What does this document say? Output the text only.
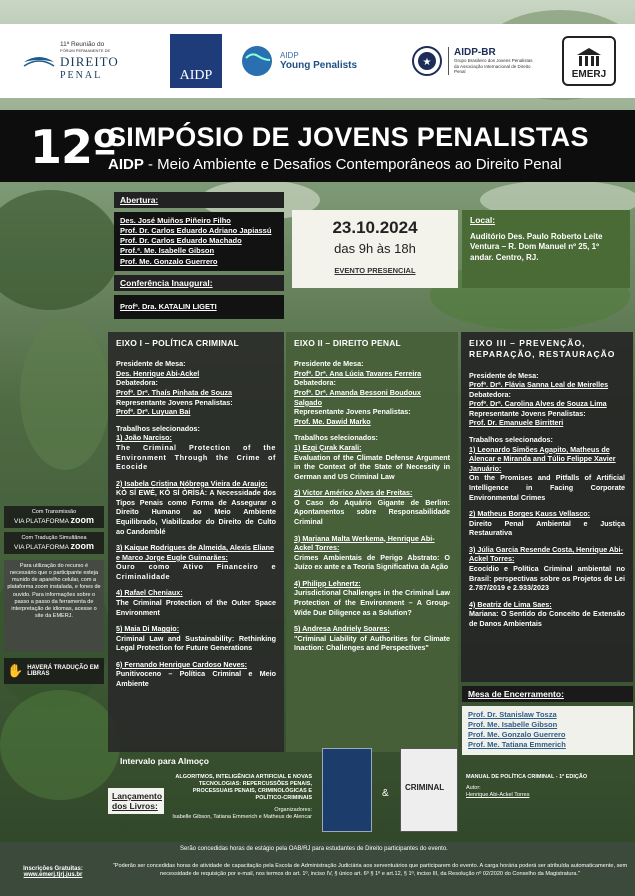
11ª Reunião do
FÓRUM PERMANENTE DE
DIREITO
PENAL	AIDP
AIDP
Young Penalists	★
AIDP-BR
Grupo Brasileiro dos Jovens Penalistas da Associação Internacional de Direito Penal	EMERJ
12º
SIMPÓSIO DE JOVENS PENALISTAS
AIDP - Meio Ambiente e Desafios Contemporâneos ao Direito Penal
Abertura:
Des. José Muiños Piñeiro Filho
Prof. Dr. Carlos Eduardo Adriano Japiassú
Prof. Dr. Carlos Eduardo Machado
Prof.ª. Me. Isabelle Gibson
Prof. Me. Gonzalo Guerrero
Conferência Inaugural:
Profª. Dra. KATALIN LIGETI
23.10.2024
das 9h às 18h
EVENTO PRESENCIAL
Local:
Auditório Des. Paulo Roberto Leite Ventura – R. Dom Manuel nº 25, 1º andar. Centro, RJ.
EIXO I – POLÍTICA CRIMINAL
Presidente de Mesa:
Des. Henrique Abi-Ackel
Debatedora:
Profª. Drª. Thaís Pinhata de Souza
Representante Jovens Penalistas:
Profª. Drª. Luyuan Bai
Trabalhos selecionados:
1) João Narciso:
The Criminal Protection of the Environment Through the Crime of Ecocide
2) Isabela Cristina Nóbrega Vieira de Araujo:
KÒ SÍ EWÉ, KÒ SÍ ÒRÌSÀ: A Necessidade dos Tipos Penais como Forma de Assegurar o Direito Humano ao Meio Ambiente Equilibrado, Viabilizador do Direito de Culto ao Candomblé
3) Kaique Rodrigues de Almeida, Alexis Eliane e Marco Jorge Eugle Guimarães:
Ouro como Ativo Financeiro e Criminalidade
4) Rafael Cheniaux:
The Criminal Protection of the Outer Space Environment
5) Maia Di Maggio:
Criminal Law and Sustainability: Rethinking Legal Protection for Future Generations
6) Fernando Henrique Cardoso Neves:
Punitivoceno – Política Criminal e Meio Ambiente
EIXO II – DIREITO PENAL
Presidente de Mesa:
Profª. Drª. Ana Lúcia Tavares Ferreira
Debatedora:
Profª. Drª. Amanda Bessoni Boudoux Salgado
Representante Jovens Penalistas:
Prof. Me. Dawid Marko
Trabalhos selecionados:
1) Ezgi Çırak Karali:
Evaluation of the Climate Defense Argument in the Context of the State of Necessity in German and US Criminal Law
2) Victor Américo Alves de Freitas:
O Caso do Aquário Gigante de Berlim: Apontamentos sobre Responsabilidade Criminal
3) Mariana Malta Werkema, Henrique Abi-Ackel Torres:
Crimes Ambientais de Perigo Abstrato: O Juízo ex ante e a Teoria Significativa da Ação
4) Philipp Lehnertz:
Jurisdictional Challenges in the Criminal Law Protection of the Environment – A Group-Wide Due Diligence as a Solution?
5) Andresa Andriely Soares:
"Criminal Liability of Authorities for Climate Inaction: Challenges and Perspectives"
EIXO III – PREVENÇÃO, REPARAÇÃO, RESTAURAÇÃO
Presidente de Mesa:
Profª. Drª. Flávia Sanna Leal de Meirelles
Debatedora:
Profª. Drª. Carolina Alves de Souza Lima
Representante Jovens Penalistas:
Prof. Dr. Emanuele Birritteri
Trabalhos selecionados:
1) Leonardo Simões Agapito, Matheus de Alencar e Miranda and Túlio Felippe Xavier Januário:
On the Promises and Pitfalls of Artificial Intelligence in Facing Corporate Environmental Crimes
2) Matheus Borges Kauss Vellasco:
Direito Penal Ambiental e Justiça Restaurativa
3) Júlia Garcia Resende Costa, Henrique Abi-Ackel Torres:
Ecocídio e Política Criminal ambiental no Brasil: perspectivas sobre os Projetos de Lei 2.787/2019 e 2.933/2023
4) Beatriz de Lima Saes:
Mariana: O Sentido do Conceito de Extensão de Danos Ambientais
Mesa de Encerramento:
Prof. Dr. Stanislaw Tosza
Prof. Me. Isabelle Gibson
Prof. Me. Gonzalo Guerrero
Prof. Me. Tatiana Emmerich
Intervalo para Almoço
Com Transmissão
VIA PLATAFORMA zoom
Com Tradução Simultânea
VIA PLATAFORMA zoom
Para utilização do recurso é necessário que o participante esteja munido de aparelho celular, com a plataforma zoom instalada, e fones de ouvido. Para informações sobre o passo a passo da ferramenta de interpretação de idiomas, acesse o site da EMERJ.
✋ HAVERÁ TRADUÇÃO EM LIBRAS
Lançamento dos Livros:
ALGORITMOS, INTELIGÊNCIA ARTIFICIAL E NOVAS TECNOLOGIAS: REPERCUSSÕES PENAIS, PROCESSUAIS PENAIS, CRIMINOLÓGICAS E POLÍTICO-CRIMINAIS
Organizadores:
Isabelle Gibson, Tatiana Emmerich e Matheus de Alencar
&
CRIMINAL
MANUAL DE POLÍTICA CRIMINAL - 1ª EDIÇÃO
Autor:
Henrique Abi-Ackel Torres
Serão concedidas horas de estágio pela OAB/RJ para estudantes de Direito participantes do evento.
Inscrições Gratuitas:
www.emerj.tjrj.jus.br
"Poderão ser concedidas horas de atividade de capacitação pela Escola de Administração Judiciária aos serventuários que participarem do evento. A carga horária poderá ser atribuída automaticamente, sem necessidade de requisição por e-mail, nos termos do art. 1º, inciso IV, § único art. 6º § 1º e art.12, § 1º, inciso III, da Resolução nº 02/2020 do Conselho da Magistratura."
